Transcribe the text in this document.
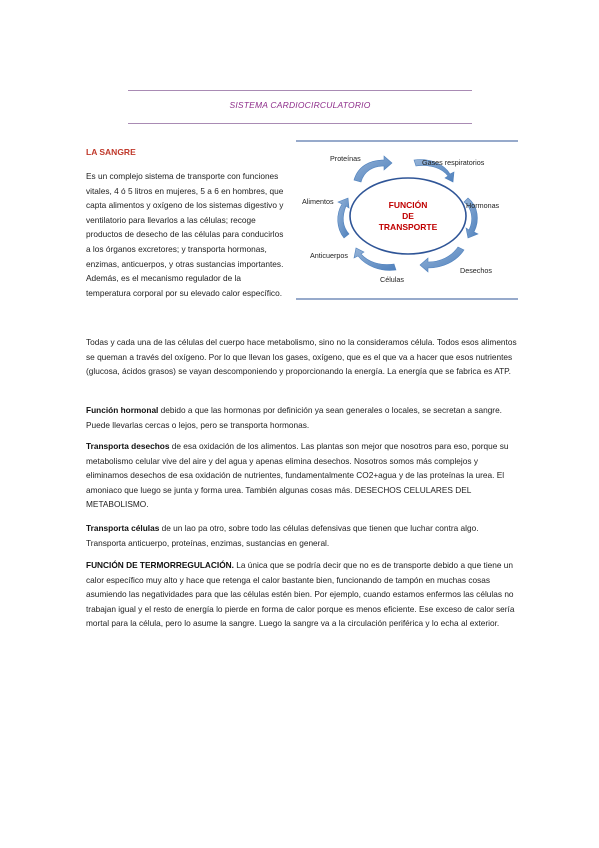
SISTEMA CARDIOCIRCULATORIO
LA SANGRE

Es un complejo sistema de transporte con funciones vitales, 4 ó 5 litros en mujeres, 5 a 6 en hombres, que capta alimentos y oxígeno de los sistemas digestivo y ventilatorio para llevarlos a las células; recoge productos de desecho de las células para conducirlos a los órganos excretores; y transporta hormonas, enzimas, anticuerpos, y otras sustancias importantes. Además, es el mecanismo regulador de la temperatura corporal por su elevado calor específico.

FUNCIÓN
DE
TRANSPORTE
Proteínas	Gases respiratorios
Alimentos	Hormonas
Anticuerpos
Desechos
Células

Todas y cada una de las células del cuerpo hace metabolismo, sino no la consideramos célula. Todos esos alimentos se queman a través del oxígeno. Por lo que llevan los gases, oxígeno, que es el que va a hacer que esos nutrientes (glucosa, ácidos grasos) se vayan descomponiendo y proporcionando la energía. La energía que se fabrica es ATP.

Función hormonal debido a que las hormonas por definición ya sean generales o locales, se secretan a sangre. Puede llevarlas cercas o lejos, pero se transporta hormonas.

Transporta desechos de esa oxidación de los alimentos. Las plantas son mejor que nosotros para eso, porque su metabolismo celular vive del aire y del agua y apenas elimina desechos. Nosotros somos más complejos y eliminamos desechos de esa oxidación de nutrientes, fundamentalmente CO2+agua y de las proteínas la urea. El amoniaco que luego se junta y forma urea. También algunas cosas más. DESECHOS CELULARES DEL METABOLISMO.

Transporta células de un lao pa otro, sobre todo las células defensivas que tienen que luchar contra algo. Transporta anticuerpo, proteínas, enzimas, sustancias en general.

FUNCIÓN DE TERMORREGULACIÓN. La única que se podría decir que no es de transporte debido a que tiene un calor específico muy alto y hace que retenga el calor bastante bien, funcionando de tampón en muchas cosas asumiendo las negatividades para que las células estén bien. Por ejemplo, cuando estamos enfermos las células no trabajan igual y el resto de energía lo pierde en forma de calor porque es menos eficiente. Ese exceso de calor sería mortal para la célula, pero lo asume la sangre. Luego la sangre va a la circulación periférica y lo echa al exterior.
